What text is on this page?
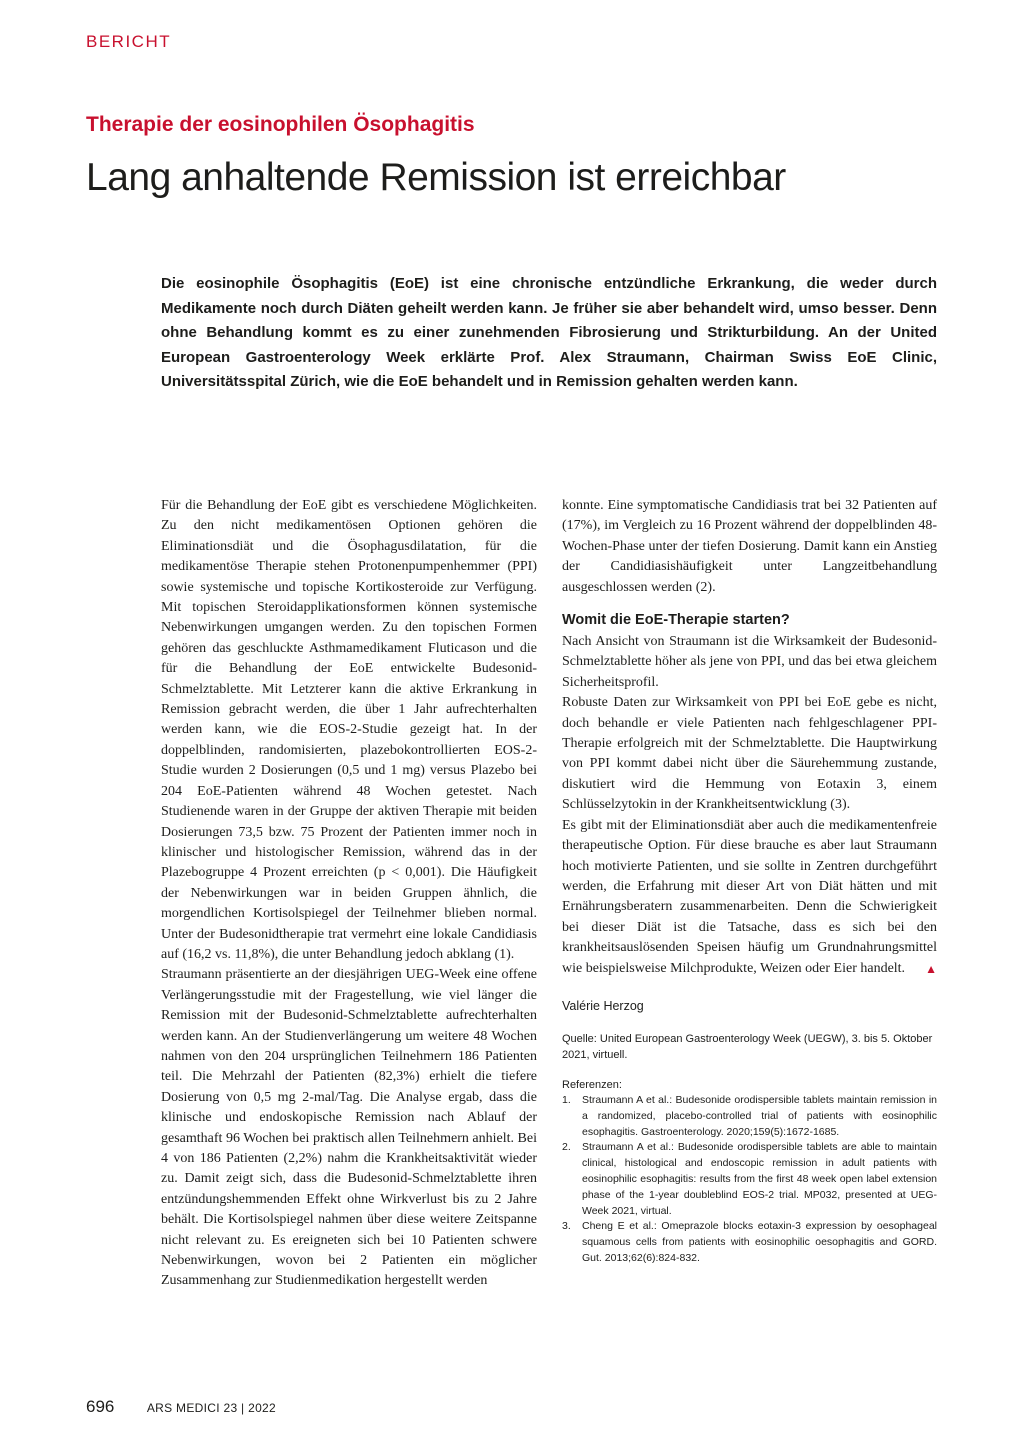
BERICHT
Therapie der eosinophilen Ösophagitis
Lang anhaltende Remission ist erreichbar
Die eosinophile Ösophagitis (EoE) ist eine chronische entzündliche Erkrankung, die weder durch Medikamente noch durch Diäten geheilt werden kann. Je früher sie aber behandelt wird, umso besser. Denn ohne Behandlung kommt es zu einer zunehmenden Fibrosierung und Strikturbildung. An der United European Gastroenterology Week erklärte Prof. Alex Straumann, Chairman Swiss EoE Clinic, Universitätsspital Zürich, wie die EoE behandelt und in Remission gehalten werden kann.

Für die Behandlung der EoE gibt es verschiedene Möglichkeiten. Zu den nicht medikamentösen Optionen gehören die Eliminationsdiät und die Ösophagusdilatation, für die medikamentöse Therapie stehen Protonenpumpenhemmer (PPI) sowie systemische und topische Kortikosteroide zur Verfügung. Mit topischen Steroidapplikationsformen können systemische Nebenwirkungen umgangen werden. Zu den topischen Formen gehören das geschluckte Asthmamedikament Fluticason und die für die Behandlung der EoE entwickelte Budesonid-Schmelztablette. Mit Letzterer kann die aktive Erkrankung in Remission gebracht werden, die über 1 Jahr aufrechterhalten werden kann, wie die EOS-2-Studie gezeigt hat. In der doppelblinden, randomisierten, plazebokontrollierten EOS-2-Studie wurden 2 Dosierungen (0,5 und 1 mg) versus Plazebo bei 204 EoE-Patienten während 48 Wochen getestet. Nach Studienende waren in der Gruppe der aktiven Therapie mit beiden Dosierungen 73,5 bzw. 75 Prozent der Patienten immer noch in klinischer und histologischer Remission, während das in der Plazebogruppe 4 Prozent erreichten (p < 0,001). Die Häufigkeit der Nebenwirkungen war in beiden Gruppen ähnlich, die morgendlichen Kortisolspiegel der Teilnehmer blieben normal. Unter der Budesonidtherapie trat vermehrt eine lokale Candidiasis auf (16,2 vs. 11,8%), die unter Behandlung jedoch abklang (1).

Straumann präsentierte an der diesjährigen UEG-Week eine offene Verlängerungsstudie mit der Fragestellung, wie viel länger die Remission mit der Budesonid-Schmelztablette aufrechterhalten werden kann. An der Studienverlängerung um weitere 48 Wochen nahmen von den 204 ursprünglichen Teilnehmern 186 Patienten teil. Die Mehrzahl der Patienten (82,3%) erhielt die tiefere Dosierung von 0,5 mg 2-mal/Tag. Die Analyse ergab, dass die klinische und endoskopische Remission nach Ablauf der gesamthaft 96 Wochen bei praktisch allen Teilnehmern anhielt. Bei 4 von 186 Patienten (2,2%) nahm die Krankheitsaktivität wieder zu. Damit zeigt sich, dass die Budesonid-Schmelztablette ihren entzündungshemmenden Effekt ohne Wirkverlust bis zu 2 Jahre behält. Die Kortisolspiegel nahmen über diese weitere Zeitspanne nicht relevant zu. Es ereigneten sich bei 10 Patienten schwere Nebenwirkungen, wovon bei 2 Patienten ein möglicher Zusammenhang zur Studienmedikation hergestellt werden

konnte. Eine symptomatische Candidiasis trat bei 32 Patienten auf (17%), im Vergleich zu 16 Prozent während der doppelblinden 48-Wochen-Phase unter der tiefen Dosierung. Damit kann ein Anstieg der Candidiasishäufigkeit unter Langzeitbehandlung ausgeschlossen werden (2).

Womit die EoE-Therapie starten?

Nach Ansicht von Straumann ist die Wirksamkeit der Budesonid-Schmelztablette höher als jene von PPI, und das bei etwa gleichem Sicherheitsprofil.

Robuste Daten zur Wirksamkeit von PPI bei EoE gebe es nicht, doch behandle er viele Patienten nach fehlgeschlagener PPI-Therapie erfolgreich mit der Schmelztablette. Die Hauptwirkung von PPI kommt dabei nicht über die Säurehemmung zustande, diskutiert wird die Hemmung von Eotaxin 3, einem Schlüsselzytokin in der Krankheitsentwicklung (3).

Es gibt mit der Eliminationsdiät aber auch die medikamentenfreie therapeutische Option. Für diese brauche es aber laut Straumann hoch motivierte Patienten, und sie sollte in Zentren durchgeführt werden, die Erfahrung mit dieser Art von Diät hätten und mit Ernährungsberatern zusammenarbeiten. Denn die Schwierigkeit bei dieser Diät ist die Tatsache, dass es sich bei den krankheitsauslösenden Speisen häufig um Grundnahrungsmittel wie beispielsweise Milchprodukte, Weizen oder Eier handelt. ▲

Valérie Herzog
Quelle: United European Gastroenterology Week (UEGW), 3. bis 5. Oktober 2021, virtuell.
Referenzen:
1.	Straumann A et al.: Budesonide orodispersible tablets maintain remission in a randomized, placebo-controlled trial of patients with eosinophilic esophagitis. Gastroenterology. 2020;159(5):1672-1685.
2.	Straumann A et al.: Budesonide orodispersible tablets are able to maintain clinical, histological and endoscopic remission in adult patients with eosinophilic esophagitis: results from the first 48 week open label extension phase of the 1-year doubleblind EOS-2 trial. MP032, presented at UEG-Week 2021, virtual.
3.	Cheng E et al.: Omeprazole blocks eotaxin-3 expression by oesophageal squamous cells from patients with eosinophilic oesophagitis and GORD. Gut. 2013;62(6):824-832.
696	ARS MEDICI 23 | 2022
